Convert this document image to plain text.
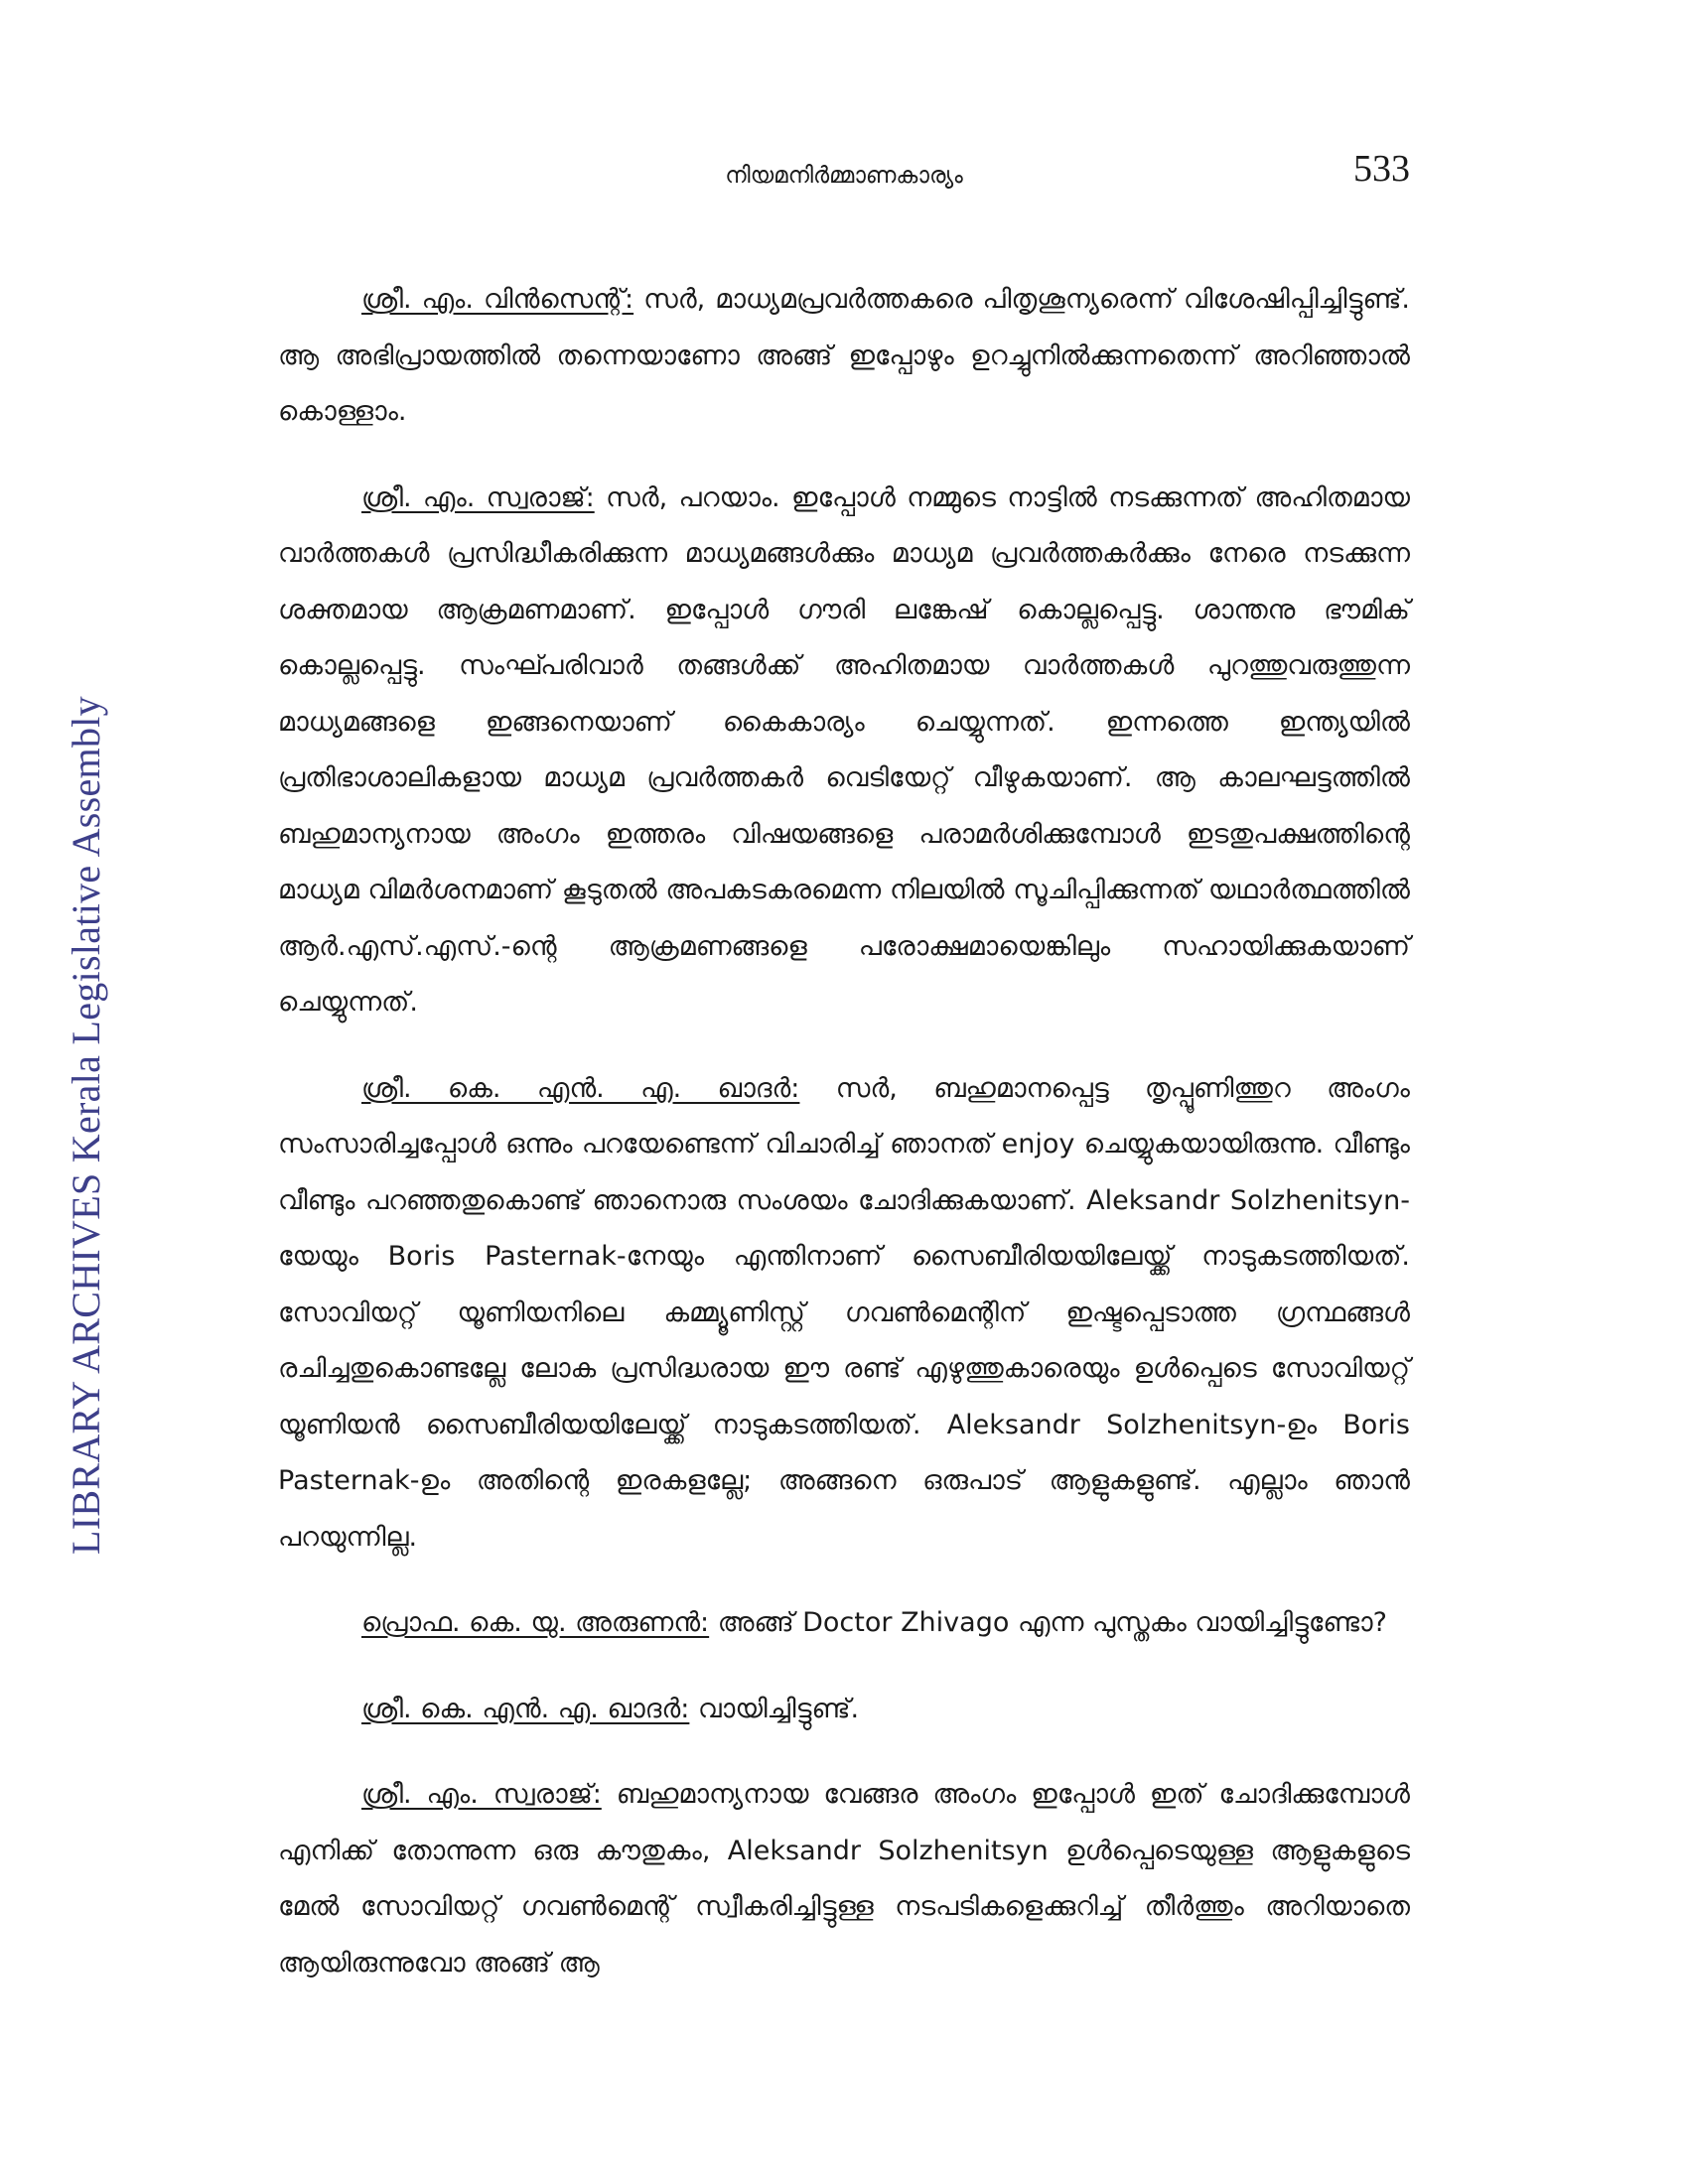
LIBRARY ARCHIVES Kerala Legislative Assembly
നിയമനിർമ്മാണകാര്യം	533

ശ്രീ. എം. വിൻസെന്റ്: സർ, മാധ്യമപ്രവർത്തകരെ പിതൃശൂന്യരെന്ന് വിശേഷിപ്പിച്ചിട്ടുണ്ട്. ആ അഭിപ്രായത്തിൽ തന്നെയാണോ അങ്ങ് ഇപ്പോഴും ഉറച്ചുനിൽക്കുന്നതെന്ന് അറിഞ്ഞാൽ കൊള്ളാം.

ശ്രീ. എം. സ്വരാജ്: സർ, പറയാം. ഇപ്പോൾ നമ്മുടെ നാട്ടിൽ നടക്കുന്നത് അഹിതമായ വാർത്തകൾ പ്രസിദ്ധീകരിക്കുന്ന മാധ്യമങ്ങൾക്കും മാധ്യമ പ്രവർത്തകർക്കും നേരെ നടക്കുന്ന ശക്തമായ ആക്രമണമാണ്. ഇപ്പോൾ ഗൗരി ലങ്കേഷ് കൊല്ലപ്പെട്ടു. ശാന്തനു ഭൗമിക് കൊല്ലപ്പെട്ടു. സംഘ്പരിവാർ തങ്ങൾക്ക് അഹിതമായ വാർത്തകൾ പുറത്തുവരുത്തുന്ന മാധ്യമങ്ങളെ ഇങ്ങനെയാണ് കൈകാര്യം ചെയ്യുന്നത്. ഇന്നത്തെ ഇന്ത്യയിൽ പ്രതിഭാശാലികളായ മാധ്യമ പ്രവർത്തകർ വെടിയേറ്റ് വീഴുകയാണ്. ആ കാലഘട്ടത്തിൽ ബഹുമാന്യനായ അംഗം ഇത്തരം വിഷയങ്ങളെ പരാമർശിക്കുമ്പോൾ ഇടതുപക്ഷത്തിന്റെ മാധ്യമ വിമർശനമാണ് കൂടുതൽ അപകടകരമെന്ന നിലയിൽ സൂചിപ്പിക്കുന്നത് യഥാർത്ഥത്തിൽ ആർ.എസ്.എസ്.-ന്റെ ആക്രമണങ്ങളെ പരോക്ഷമായെങ്കിലും സഹായിക്കുകയാണ് ചെയ്യുന്നത്.

ശ്രീ. കെ. എൻ. എ. ഖാദർ: സർ, ബഹുമാനപ്പെട്ട തൃപ്പൂണിത്തുറ അംഗം സംസാരിച്ചപ്പോൾ ഒന്നും പറയേണ്ടെന്ന് വിചാരിച്ച് ഞാനത് enjoy ചെയ്യുകയായിരുന്നു. വീണ്ടും വീണ്ടും പറഞ്ഞതുകൊണ്ട് ഞാനൊരു സംശയം ചോദിക്കുകയാണ്. Aleksandr Solzhenitsyn-യേയും Boris Pasternak-നേയും എന്തിനാണ് സൈബീരിയയിലേയ്ക്ക് നാടുകടത്തിയത്. സോവിയറ്റ് യൂണിയനിലെ കമ്മ്യൂണിസ്റ്റ് ഗവൺമെന്റിന് ഇഷ്ടപ്പെടാത്ത ഗ്രന്ഥങ്ങൾ രചിച്ചതുകൊണ്ടല്ലേ ലോക പ്രസിദ്ധരായ ഈ രണ്ട് എഴുത്തുകാരെയും ഉൾപ്പെടെ സോവിയറ്റ് യൂണിയൻ സൈബീരിയയിലേയ്ക്ക് നാടുകടത്തിയത്. Aleksandr Solzhenitsyn-ഉം Boris Pasternak-ഉം അതിന്റെ ഇരകളല്ലേ; അങ്ങനെ ഒരുപാട് ആളുകളുണ്ട്. എല്ലാം ഞാൻ പറയുന്നില്ല.

പ്രൊഫ. കെ. യു. അരുണൻ: അങ്ങ് Doctor Zhivago എന്ന പുസ്തകം വായിച്ചിട്ടുണ്ടോ?

ശ്രീ. കെ. എൻ. എ. ഖാദർ: വായിച്ചിട്ടുണ്ട്.

ശ്രീ. എം. സ്വരാജ്: ബഹുമാന്യനായ വേങ്ങര അംഗം ഇപ്പോൾ ഇത് ചോദിക്കുമ്പോൾ എനിക്ക് തോന്നുന്ന ഒരു കൗതുകം, Aleksandr Solzhenitsyn ഉൾപ്പെടെയുള്ള ആളുകളുടെ മേൽ സോവിയറ്റ് ഗവൺമെന്റ് സ്വീകരിച്ചിട്ടുള്ള നടപടികളെക്കുറിച്ച് തീർത്തും അറിയാതെ ആയിരുന്നുവോ അങ്ങ് ആ
